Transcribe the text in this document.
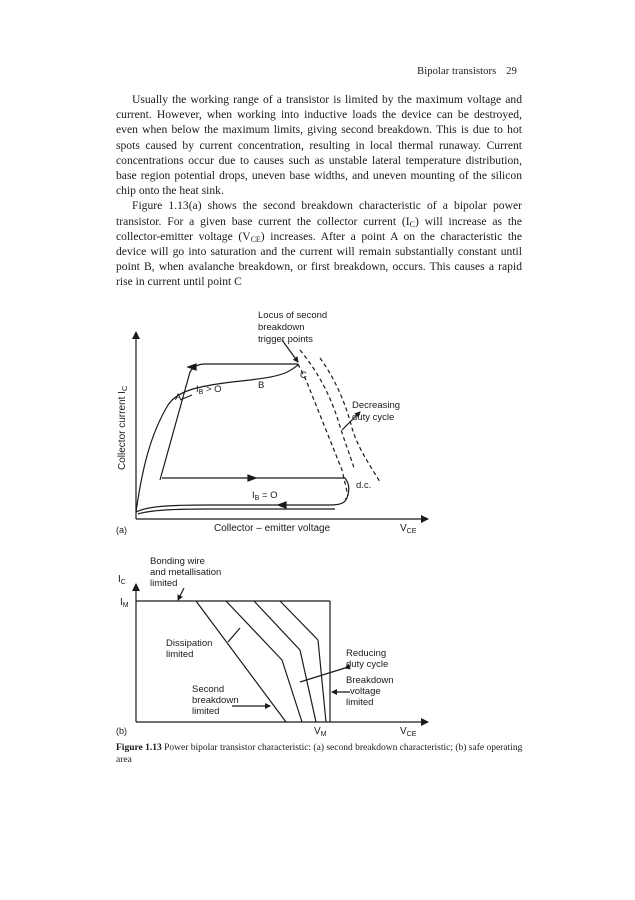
Bipolar transistors 29

Usually the working range of a transistor is limited by the maximum voltage and current. However, when working into inductive loads the device can be destroyed, even when below the maximum limits, giving second breakdown. This is due to hot spots caused by current concentration, resulting in local thermal runaway. Current concentrations occur due to causes such as unstable lateral temperature distribution, base region potential drops, uneven base widths, and uneven mounting of the silicon chip onto the heat sink.

Figure 1.13(a) shows the second breakdown characteristic of a bipolar power transistor. For a given base current the collector current $(I_C)$ will increase as the collector-emitter voltage $(V_{CE})$ increases. After a point A on the characteristic the device will go into saturation and the current will remain substantially constant until point B, when avalanche breakdown, or first breakdown, occurs. This causes a rapid rise in current until point C

Locus of second
breakdown
trigger points
Collector current $I_C$
A
B
C
$I_B > O$
$I_B = O$
Decreasing
duty cycle
d.c.
(a)	Collector – emitter voltage	$V_{CE}$
Bonding wire
and metallisation
limited
$I_C$
$I_M$
Dissipation
limited
Second
breakdown
limited
Reducing
duty cycle
Breakdown
voltage
limited
(b)	$V_M$	$V_{CE}$
Figure 1.13 Power bipolar transistor characteristic: (a) second breakdown characteristic; (b) safe operating area
